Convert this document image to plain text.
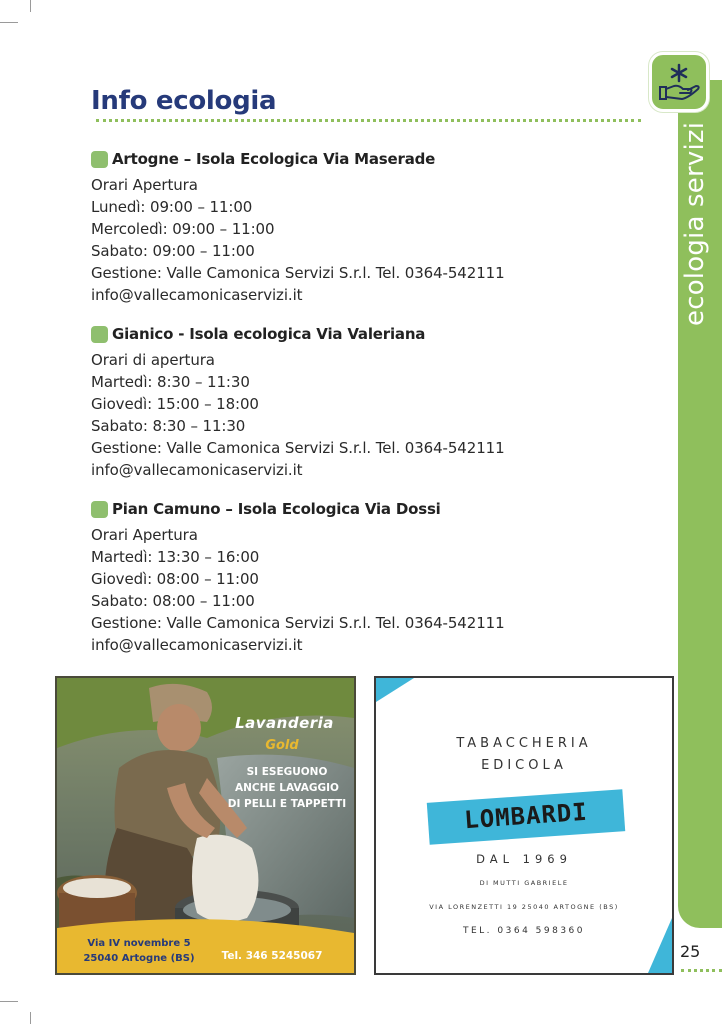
Info ecologia
Artogne – Isola Ecologica Via Maserade
Orari Apertura
Lunedì: 09:00 – 11:00
Mercoledì: 09:00 – 11:00
Sabato: 09:00 – 11:00
Gestione: Valle Camonica Servizi S.r.l. Tel. 0364-542111
info@vallecamonicaservizi.it
Gianico - Isola ecologica Via Valeriana
Orari di apertura
Martedì: 8:30 – 11:30
Giovedì: 15:00 – 18:00
Sabato: 8:30 – 11:30
Gestione: Valle Camonica Servizi S.r.l. Tel. 0364-542111
info@vallecamonicaservizi.it
Pian Camuno – Isola Ecologica Via Dossi
Orari Apertura
Martedì: 13:30 – 16:00
Giovedì: 08:00 – 11:00
Sabato: 08:00 – 11:00
Gestione: Valle Camonica Servizi S.r.l. Tel. 0364-542111
info@vallecamonicaservizi.it
ecologia servizi
25
Lavanderia
Gold
SI ESEGUONO ANCHE LAVAGGIO DI PELLI E TAPPETTI
Via IV novembre 5
25040 Artogne (BS)	Tel. 346 5245067
TABACCHERIA
EDICOLA
LOMBARDI
DAL 1969
DI MUTTI GABRIELE
VIA LORENZETTI 19 25040 ARTOGNE (BS)
TEL. 0364 598360
